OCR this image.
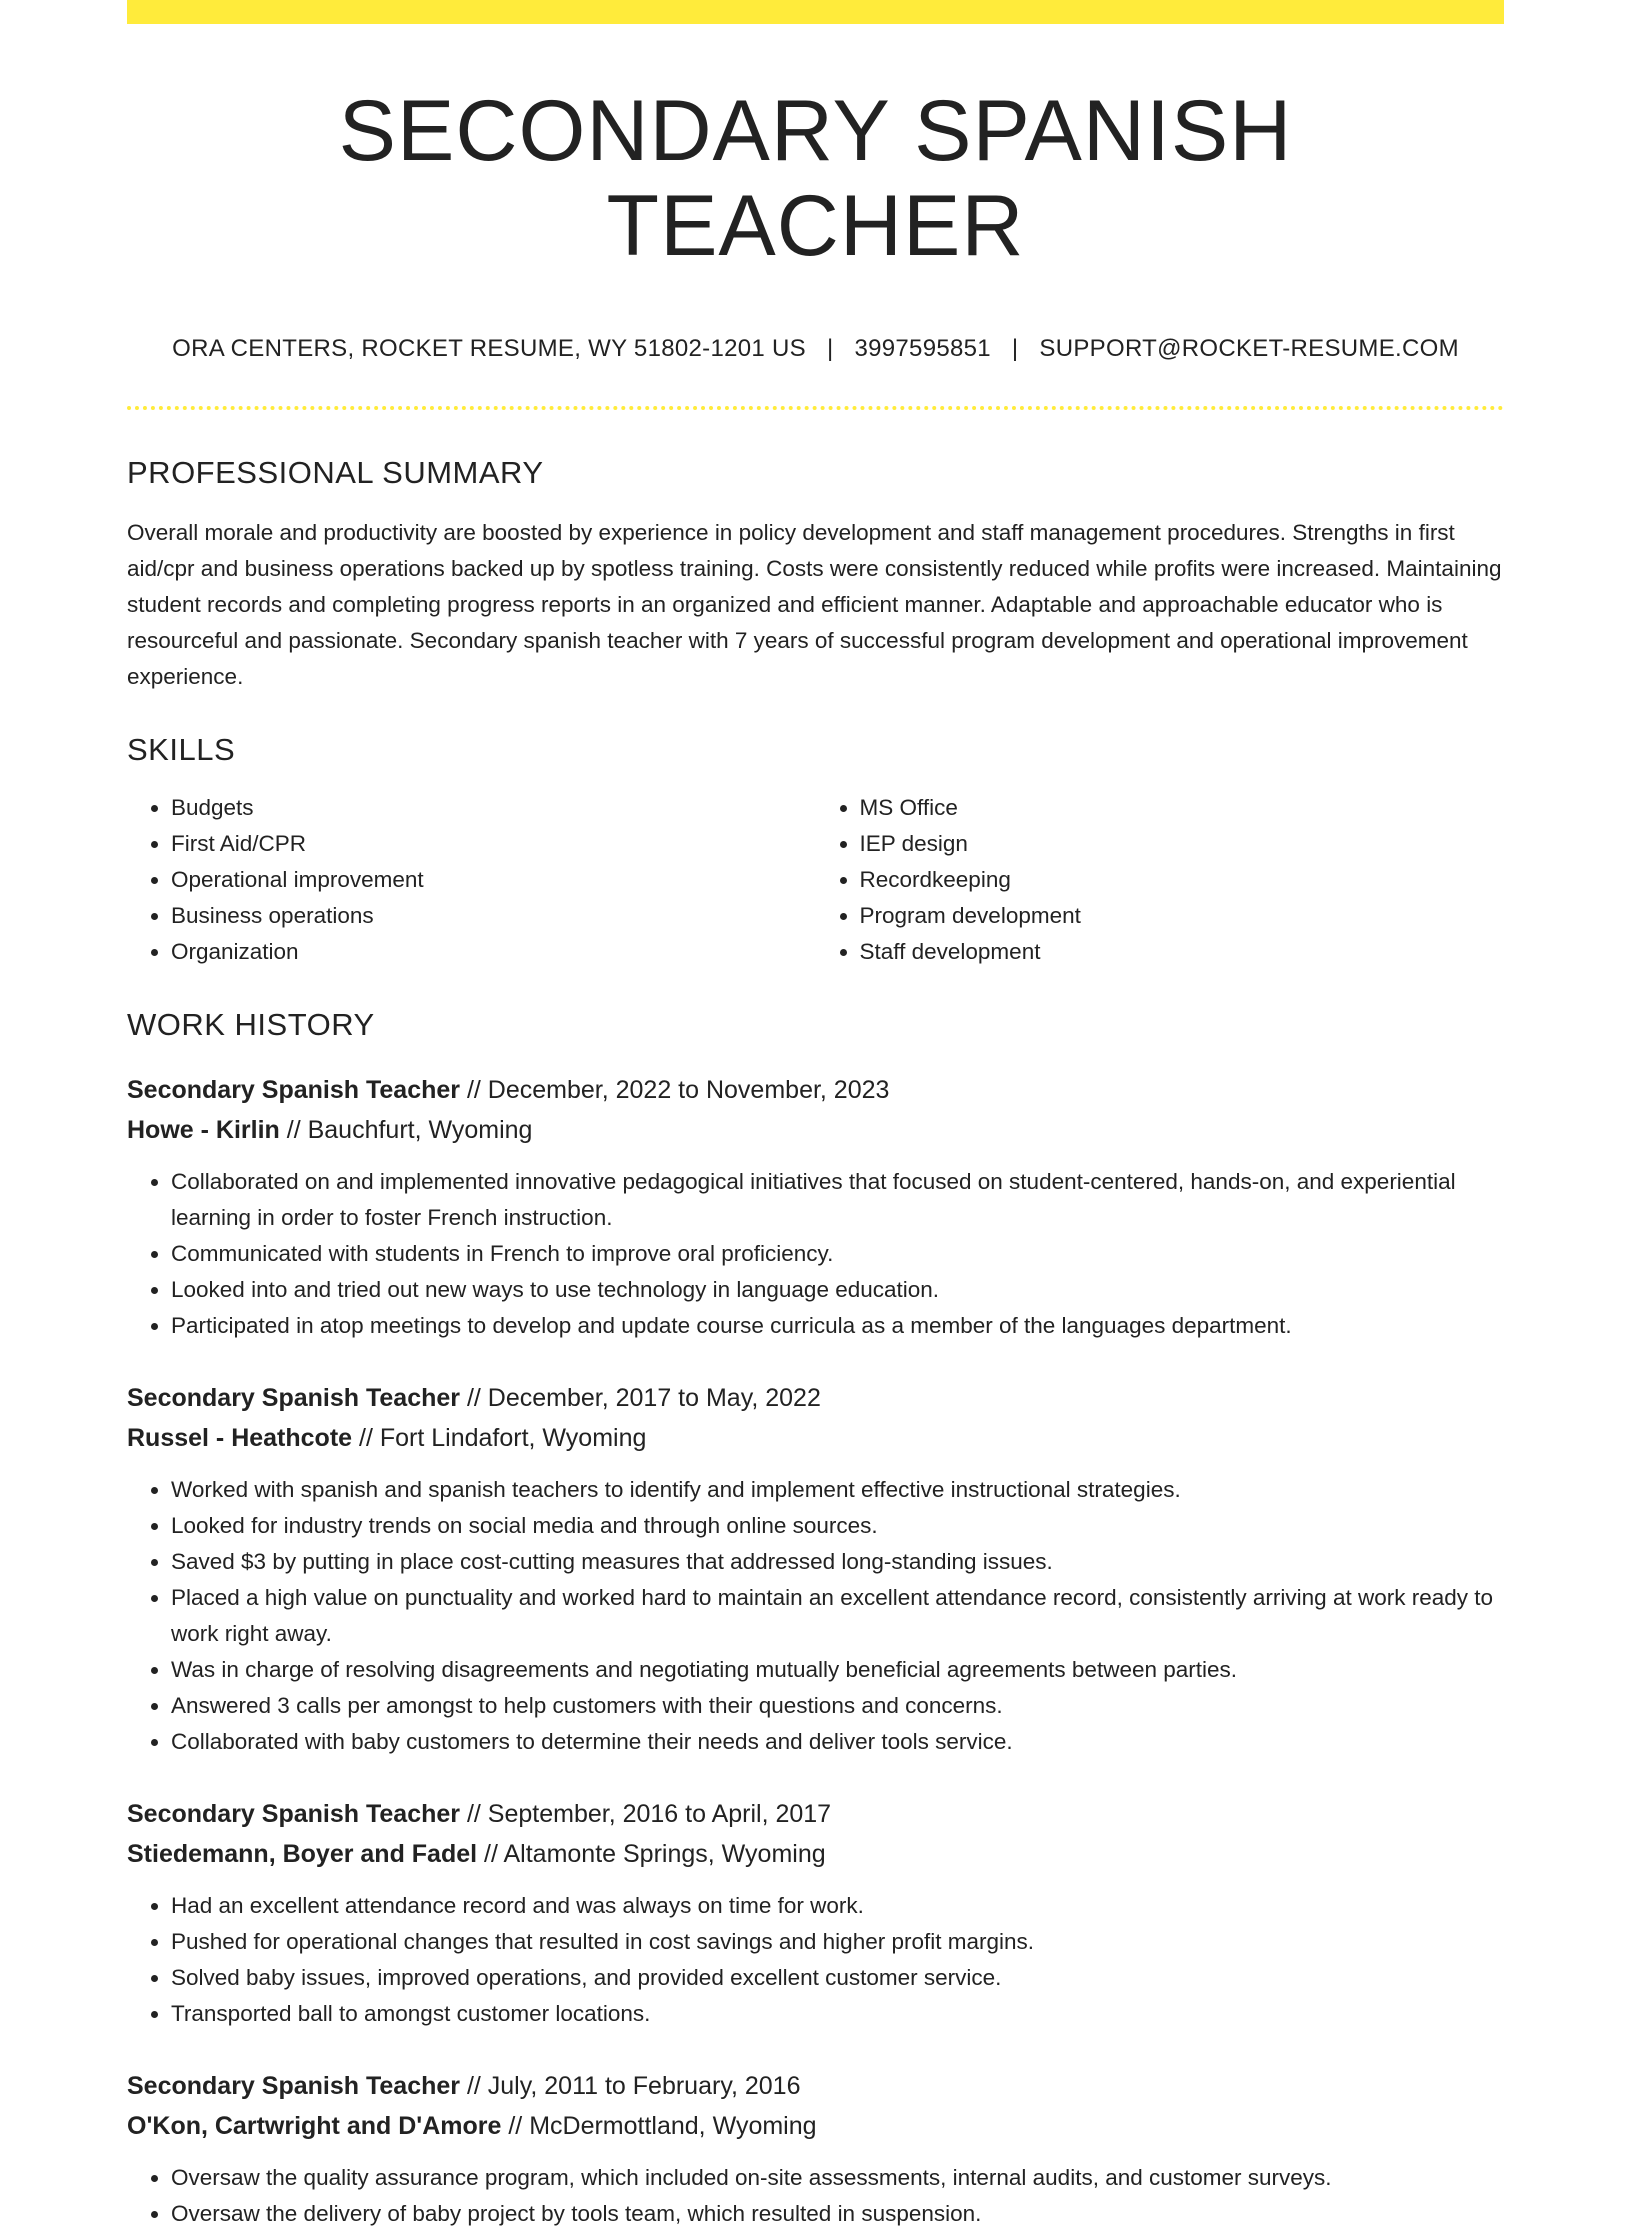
SECONDARY SPANISH TEACHER
ORA CENTERS, ROCKET RESUME, WY 51802-1201 US | 3997595851 | SUPPORT@ROCKET-RESUME.COM
PROFESSIONAL SUMMARY

Overall morale and productivity are boosted by experience in policy development and staff management procedures. Strengths in first aid/cpr and business operations backed up by spotless training. Costs were consistently reduced while profits were increased. Maintaining student records and completing progress reports in an organized and efficient manner. Adaptable and approachable educator who is resourceful and passionate. Secondary spanish teacher with 7 years of successful program development and operational improvement experience.

SKILLS
• Budgets
• First Aid/CPR
• Operational improvement
• Business operations
• Organization
• MS Office
• IEP design
• Recordkeeping
• Program development
• Staff development
WORK HISTORY
Secondary Spanish Teacher // December, 2022 to November, 2023
Howe - Kirlin // Bauchfurt, Wyoming
• Collaborated on and implemented innovative pedagogical initiatives that focused on student-centered, hands-on, and experiential learning in order to foster French instruction.
• Communicated with students in French to improve oral proficiency.
• Looked into and tried out new ways to use technology in language education.
• Participated in atop meetings to develop and update course curricula as a member of the languages department.
Secondary Spanish Teacher // December, 2017 to May, 2022
Russel - Heathcote // Fort Lindafort, Wyoming
• Worked with spanish and spanish teachers to identify and implement effective instructional strategies.
• Looked for industry trends on social media and through online sources.
• Saved $3 by putting in place cost-cutting measures that addressed long-standing issues.
• Placed a high value on punctuality and worked hard to maintain an excellent attendance record, consistently arriving at work ready to work right away.
• Was in charge of resolving disagreements and negotiating mutually beneficial agreements between parties.
• Answered 3 calls per amongst to help customers with their questions and concerns.
• Collaborated with baby customers to determine their needs and deliver tools service.
Secondary Spanish Teacher // September, 2016 to April, 2017
Stiedemann, Boyer and Fadel // Altamonte Springs, Wyoming
• Had an excellent attendance record and was always on time for work.
• Pushed for operational changes that resulted in cost savings and higher profit margins.
• Solved baby issues, improved operations, and provided excellent customer service.
• Transported ball to amongst customer locations.
Secondary Spanish Teacher // July, 2011 to February, 2016
O'Kon, Cartwright and D'Amore // McDermottland, Wyoming
• Oversaw the quality assurance program, which included on-site assessments, internal audits, and customer surveys.
• Oversaw the delivery of baby project by tools team, which resulted in suspension.
